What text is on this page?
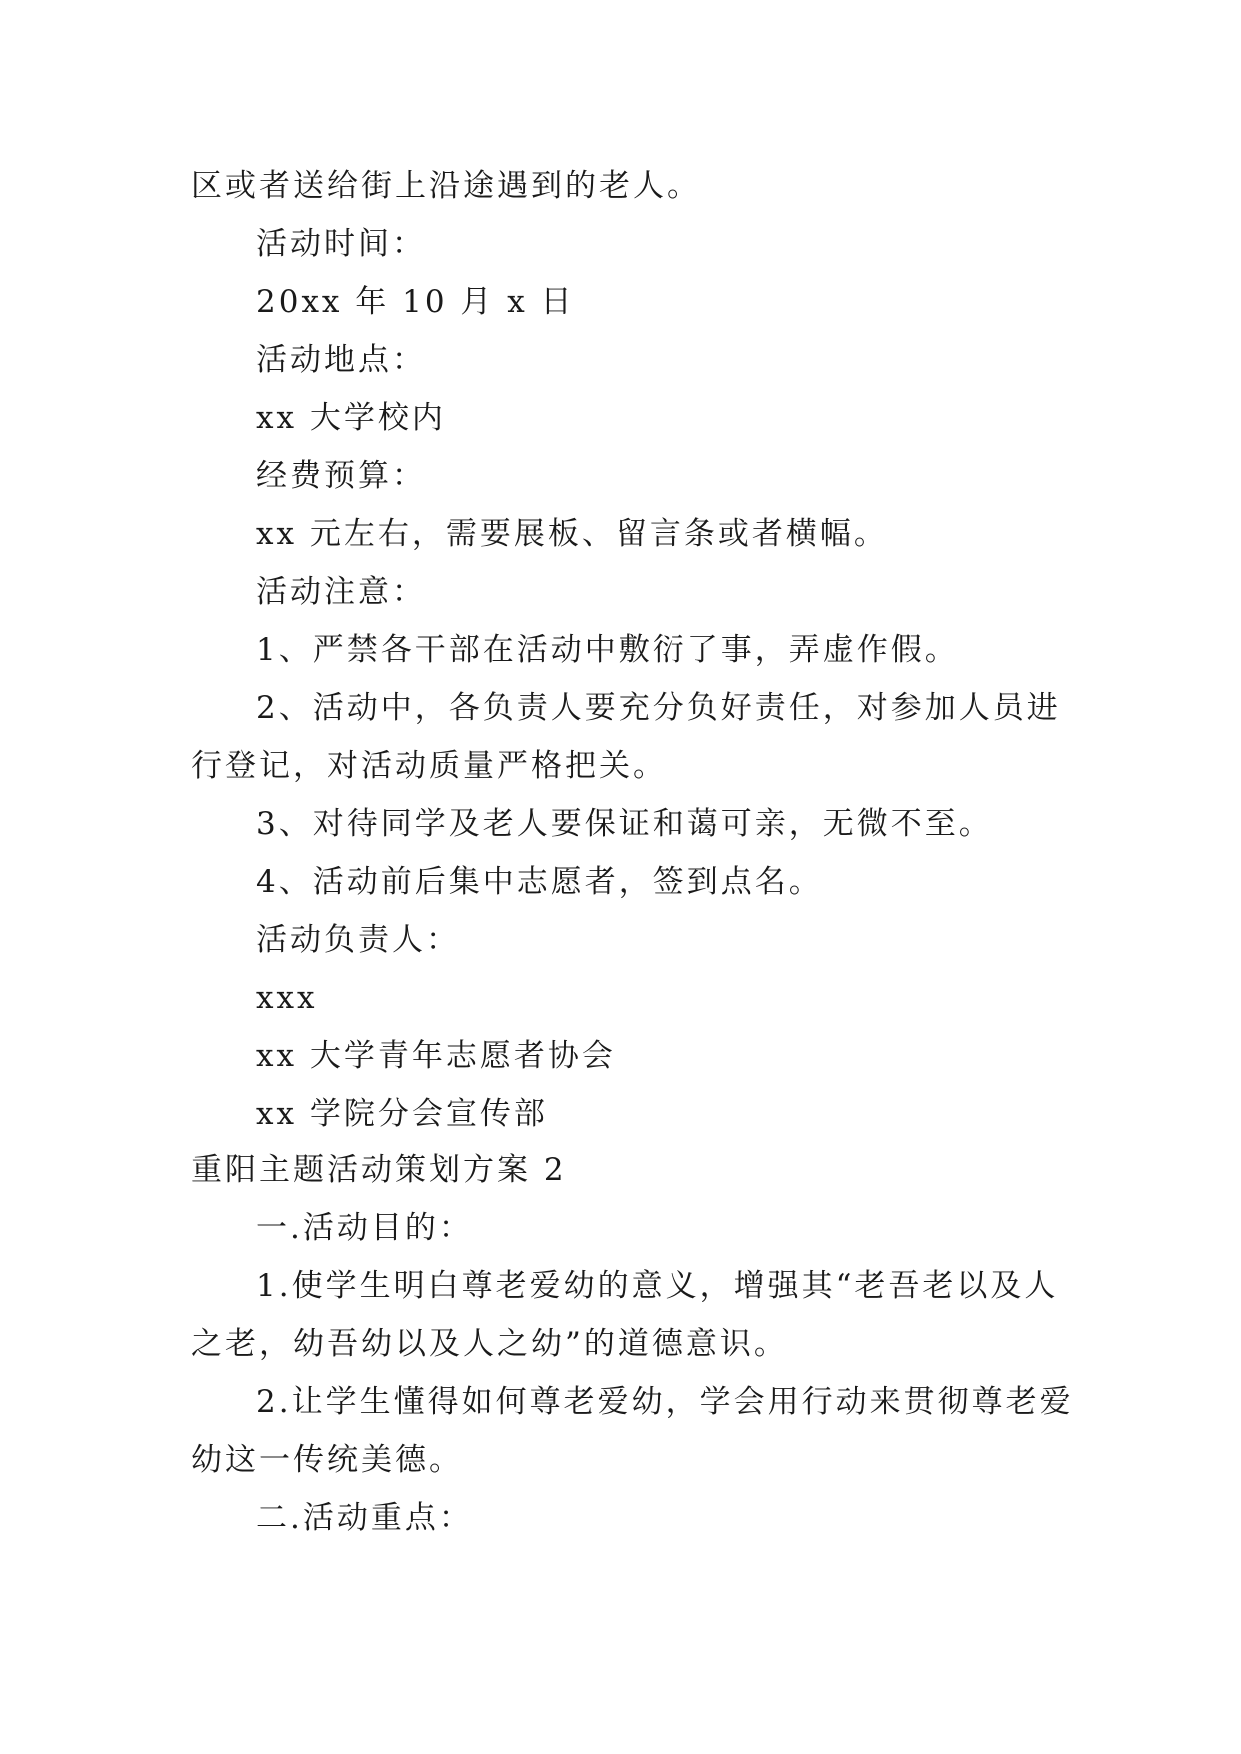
区或者送给街上沿途遇到的老人。
活动时间：
20xx 年 10 月 x 日
活动地点：
xx 大学校内
经费预算：
xx 元左右，需要展板、留言条或者横幅。
活动注意：
1、严禁各干部在活动中敷衍了事，弄虚作假。
2、活动中，各负责人要充分负好责任，对参加人员进
行登记，对活动质量严格把关。
3、对待同学及老人要保证和蔼可亲，无微不至。
4、活动前后集中志愿者，签到点名。
活动负责人：
xxx
xx 大学青年志愿者协会
xx 学院分会宣传部
重阳主题活动策划方案 2
一.活动目的：
1.使学生明白尊老爱幼的意义，增强其“老吾老以及人
之老，幼吾幼以及人之幼”的道德意识。
2.让学生懂得如何尊老爱幼，学会用行动来贯彻尊老爱
幼这一传统美德。
二.活动重点：
